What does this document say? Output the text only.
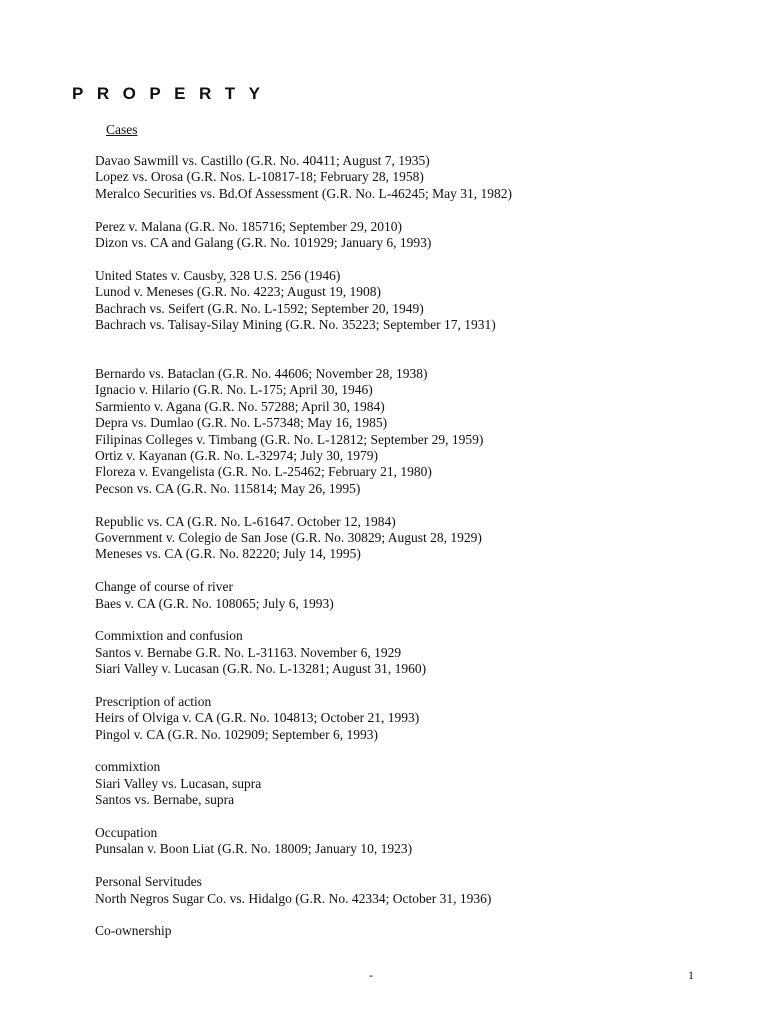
PROPERTY
Cases
Davao Sawmill vs. Castillo (G.R. No. 40411; August 7, 1935)
Lopez vs. Orosa (G.R. Nos. L-10817-18; February 28, 1958)
Meralco Securities vs. Bd.Of Assessment (G.R. No. L-46245; May 31, 1982)
Perez v. Malana (G.R. No. 185716; September 29, 2010)
Dizon vs. CA and Galang (G.R. No. 101929; January 6, 1993)
United States v. Causby, 328 U.S. 256 (1946)
Lunod v. Meneses (G.R. No. 4223; August 19, 1908)
Bachrach vs. Seifert (G.R. No. L-1592; September 20, 1949)
Bachrach vs. Talisay-Silay Mining (G.R. No. 35223; September 17, 1931)
Bernardo vs. Bataclan (G.R. No. 44606; November 28, 1938)
Ignacio v. Hilario (G.R. No. L-175; April 30, 1946)
Sarmiento v. Agana (G.R. No. 57288; April 30, 1984)
Depra vs. Dumlao (G.R. No. L-57348; May 16, 1985)
Filipinas Colleges v. Timbang (G.R. No. L-12812; September 29, 1959)
Ortiz v. Kayanan (G.R. No. L-32974; July 30, 1979)
Floreza v. Evangelista (G.R. No. L-25462; February 21, 1980)
Pecson vs. CA (G.R. No. 115814; May 26, 1995)
Republic vs. CA (G.R. No. L-61647. October 12, 1984)
Government v. Colegio de San Jose (G.R. No. 30829; August 28, 1929)
Meneses vs. CA (G.R. No. 82220; July 14, 1995)
Change of course of river
Baes v. CA (G.R. No. 108065; July 6, 1993)
Commixtion and confusion
Santos v. Bernabe G.R. No. L-31163. November 6, 1929
Siari Valley v. Lucasan (G.R. No. L-13281; August 31, 1960)
Prescription of action
Heirs of Olviga v. CA (G.R. No. 104813; October 21, 1993)
Pingol v. CA (G.R. No. 102909; September 6, 1993)
commixtion
Siari Valley vs. Lucasan, supra
Santos vs. Bernabe, supra
Occupation
Punsalan v. Boon Liat (G.R. No. 18009; January 10, 1923)
Personal Servitudes
North Negros Sugar Co. vs. Hidalgo (G.R. No. 42334; October 31, 1936)
Co-ownership
-	1
